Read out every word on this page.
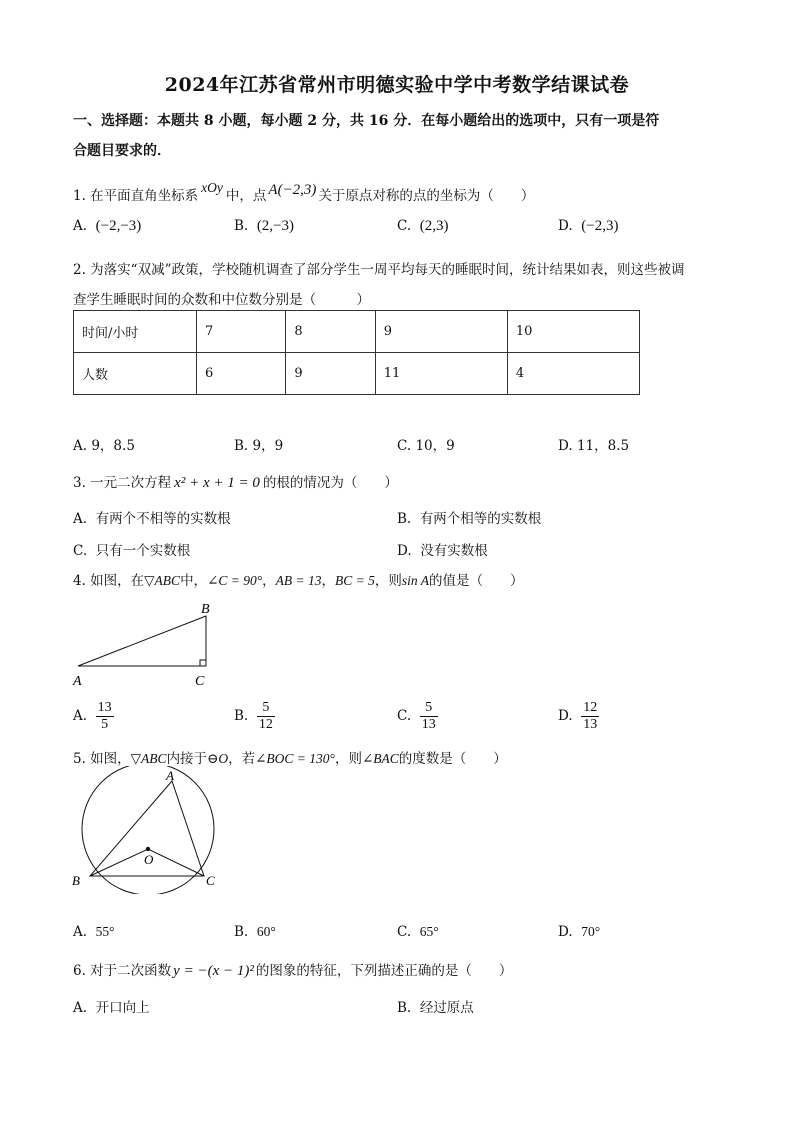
2024年江苏省常州市明德实验中学中考数学结课试卷
一、选择题：本题共 8 小题，每小题 2 分，共 16 分．在每小题给出的选项中，只有一项是符
合题目要求的．
1. 在平面直角坐标系xOy中，点 A(−2,3) 关于原点对称的点的坐标为（　　）
A. (−2,−3)	B. (2,−3)	C. (2,3)	D. (−2,3)
2. 为落实“双减”政策，学校随机调查了部分学生一周平均每天的睡眠时间，统计结果如表，则这些被调
查学生睡眠时间的众数和中位数分别是（　　　）
时间/小时	7	8	9	10
人数	6	9	11	4
A. 9，8.5	B. 9，9	C. 10，9	D. 11，8.5
3. 一元二次方程 x² + x + 1 = 0 的根的情况为（　　）
A. 有两个不相等的实数根	B. 有两个相等的实数根
C. 只有一个实数根	D. 没有实数根
4. 如图，在▽ABC中，∠C = 90°，AB = 13，BC = 5，则sin A的值是（　　）
B
A	C
A. $\frac{13}{5}$	B. $\frac{5}{12}$	C. $\frac{5}{13}$	D. $\frac{12}{13}$
5. 如图，▽ABC内接于⊖O，若∠BOC = 130°，则∠BAC的度数是（　　）
A
B	C
O
A. 55°	B. 60°	C. 65°	D. 70°
6. 对于二次函数 y = −(x − 1)² 的图象的特征，下列描述正确的是（　　）
A. 开口向上	B. 经过原点
